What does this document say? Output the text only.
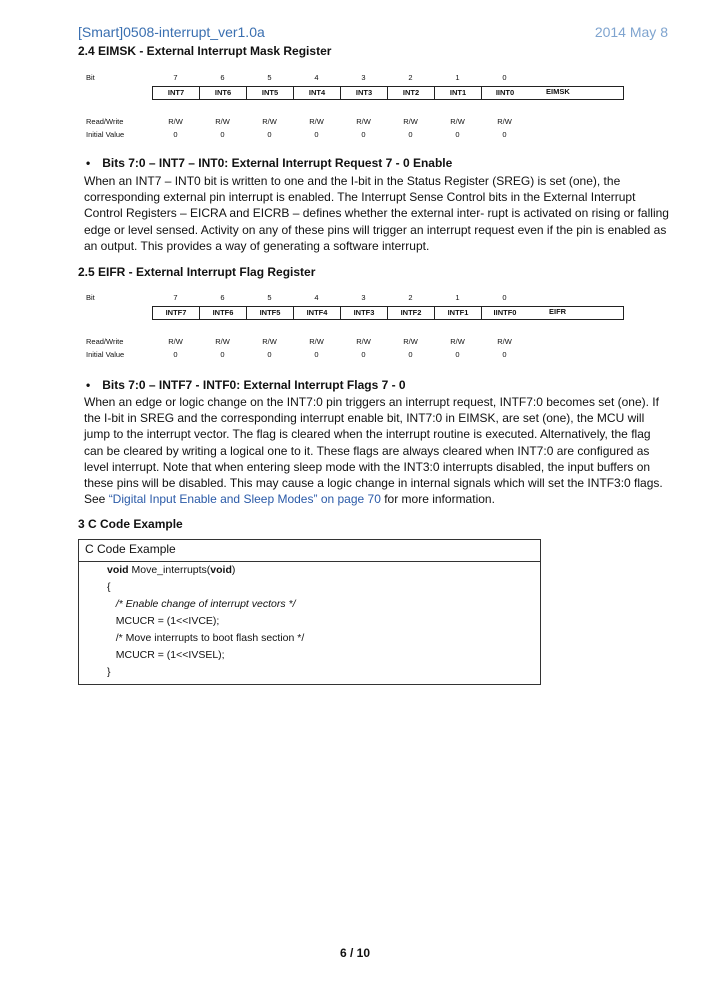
[Smart]0508-interrupt_ver1.0a	2014 May 8
2.4 EIMSK - External Interrupt Mask Register
Bit	7	6	5	4	3	2	1	0
INT7	INT6	INT5	INT4	INT3	INT2	INT1	IINT0	EIMSK
Read/Write	R/W	R/W	R/W	R/W	R/W	R/W	R/W	R/W
Initial Value	0	0	0	0	0	0	0	0
• Bits 7:0 – INT7 – INT0: External Interrupt Request 7 - 0 Enable

When an INT7 – INT0 bit is written to one and the I-bit in the Status Register (SREG) is set (one), the corresponding external pin interrupt is enabled. The Interrupt Sense Control bits in the External Interrupt Control Registers – EICRA and EICRB – defines whether the external inter- rupt is activated on rising or falling edge or level sensed. Activity on any of these pins will trigger an interrupt request even if the pin is enabled as an output. This provides a way of generating a software interrupt.

2.5 EIFR - External Interrupt Flag Register
Bit	7	6	5	4	3	2	1	0
INTF7	INTF6	INTF5	INTF4	INTF3	INTF2	INTF1	IINTF0	EIFR
Read/Write	R/W	R/W	R/W	R/W	R/W	R/W	R/W	R/W
Initial Value	0	0	0	0	0	0	0	0
• Bits 7:0 – INTF7 - INTF0: External Interrupt Flags 7 - 0

When an edge or logic change on the INT7:0 pin triggers an interrupt request, INTF7:0 becomes set (one). If the I-bit in SREG and the corresponding interrupt enable bit, INT7:0 in EIMSK, are set (one), the MCU will jump to the interrupt vector. The flag is cleared when the interrupt routine is executed. Alternatively, the flag can be cleared by writing a logical one to it. These flags are always cleared when INT7:0 are configured as level interrupt. Note that when entering sleep mode with the INT3:0 interrupts disabled, the input buffers on these pins will be disabled. This may cause a logic change in internal signals which will set the INTF3:0 flags. See “Digital Input Enable and Sleep Modes” on page 70 for more information.

3 C Code Example
C Code Example
void Move_interrupts(void)
{
/* Enable change of interrupt vectors */
MCUCR = (1<<IVCE);
/* Move interrupts to boot flash section */
MCUCR = (1<<IVSEL);
}
6 / 10
